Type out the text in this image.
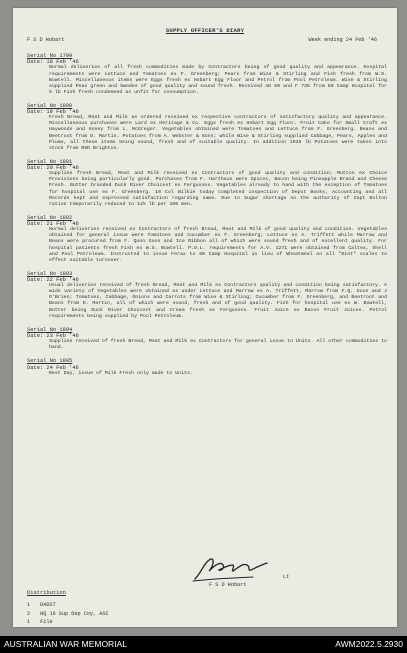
SUPPLY OFFICER'S DIARY
F S D Hobart	Week ending 24 Feb '46
Serial No 1799
Date: 18 Feb '46
Normal deliveries of all fresh commodities made by Contractors being of good quality and appearance. Hospital requirements were Lettuce and Tomatoes ex F. Greenberg; Pears from Wise & Stirling and Fish fresh from W.S. Bowtell. Miscellaneous items were Eggs fresh ex Hobart Egg Floor and Petrol from Pool Petroleum. Wise & Stirling supplied Peas green and Swedes of good quality and sound fresh. Received AD 50 and F 735 from 60 Camp Hospital for 5 lb Fish fresh condemned as unfit for consumption.
Serial No 1800
Date: 19 Feb '46
Fresh Bread, Meat and Milk as ordered received ex respective contractors of satisfactory quality and appearance. Miscellaneous purchases were Lard ex Heritage & Co. Eggs fresh ex Hobart Egg Floor. Fruit Cake for Small Craft ex Haywoods and Honey from L. McGregor. Vegetables obtained were Tomatoes and Lettuce from F. Greenberg. Beans and Beetroot from D. Martin. Potatoes from A. Webster & Sons; while Wise & Stirling supplied Cabbage, Pears, Apples and Plums, all these items being sound, fresh and of suitable quality. In addition 1035 lb Potatoes were taken into stock from RSD Brighton.
Serial No 1801
Date: 20 Feb '46
Supplies fresh Bread, Meat and Milk received ex Contractors of good quality and condition; Mutton ex Choice Provisions being particularly good. Purchases from F. Harthaus were Spices, Bacon being Pineapple Brand and Cheese Fresh. Butter branded Duck River Choicest ex Fergusons. Vegetables already to hand with the exception of Tomatoes for hospital use ex F. Greenberg. 10 Col Wilkie today completed inspection of Depot Books, Accounting and all Records kept and expressed satisfaction regarding same. Due to Sugar shortage on the authority of Capt Bolton ration temporarily reduced to 12½ lb per 100 men.
Serial No 1802
Date: 21 Feb '46
Normal deliveries received ex Contractors of fresh Bread, Meat and Milk of good quality and condition. Vegetables obtained for general issue were Tomatoes and Cucumber ex F. Greenberg; Lettuce ex A. Triffett while Marrow and Beans were procured from F. Quon Goon and Ice Ribbon all of which were sound fresh and of excellent quality. For hospital patients fresh Fish ex W.S. Bowtell. P.O.L. requirements for A.V. 1271 were obtained from Caltex, Shell and Pool Petroleum. Instructed to issue Ferax to 60 Camp Hospital in lieu of Wheatmeal on all "Diet" scales to effect suitable turnover.
Serial No 1803
Date: 22 Feb '46
Usual deliveries received of fresh Bread, Meat and Milk ex Contractors quality and condition being satisfactory. A wide variety of Vegetables were obtained as under Lettuce and Marrow ex A. Triffett, Marrow from F.Q. Goon and J O'Brien; Tomatoes, Cabbage, Onions and Carrots from Wise & Stirling; Cucumber from F. Greenberg, and Beetroot and Beans from D. Martin, all of which were sound, fresh and of good quality. Fish for hospital use ex W. Bowtell, Butter being Duck River Choicest and Cream fresh ex Fergusons. Fruit Juice ex Bacon Fruit Juices. Petrol requirements being supplied by Pool Petroleum.
Serial No 1804
Date: 23 Feb '46
Supplies received of fresh Bread, Meat and Milk ex Contractors for general issue to Units. All other commodities to hand.
Serial No 1805
Date: 24 Feb '46
Rest Day, issue of Milk Fresh only made to Units.
Lt
F S D Hobart
Distribution
1 DADST
2 HQ 16 Sup Dep Coy, ASC
1 File
AUSTRALIAN WAR MEMORIAL	AWM2022.5.2930
